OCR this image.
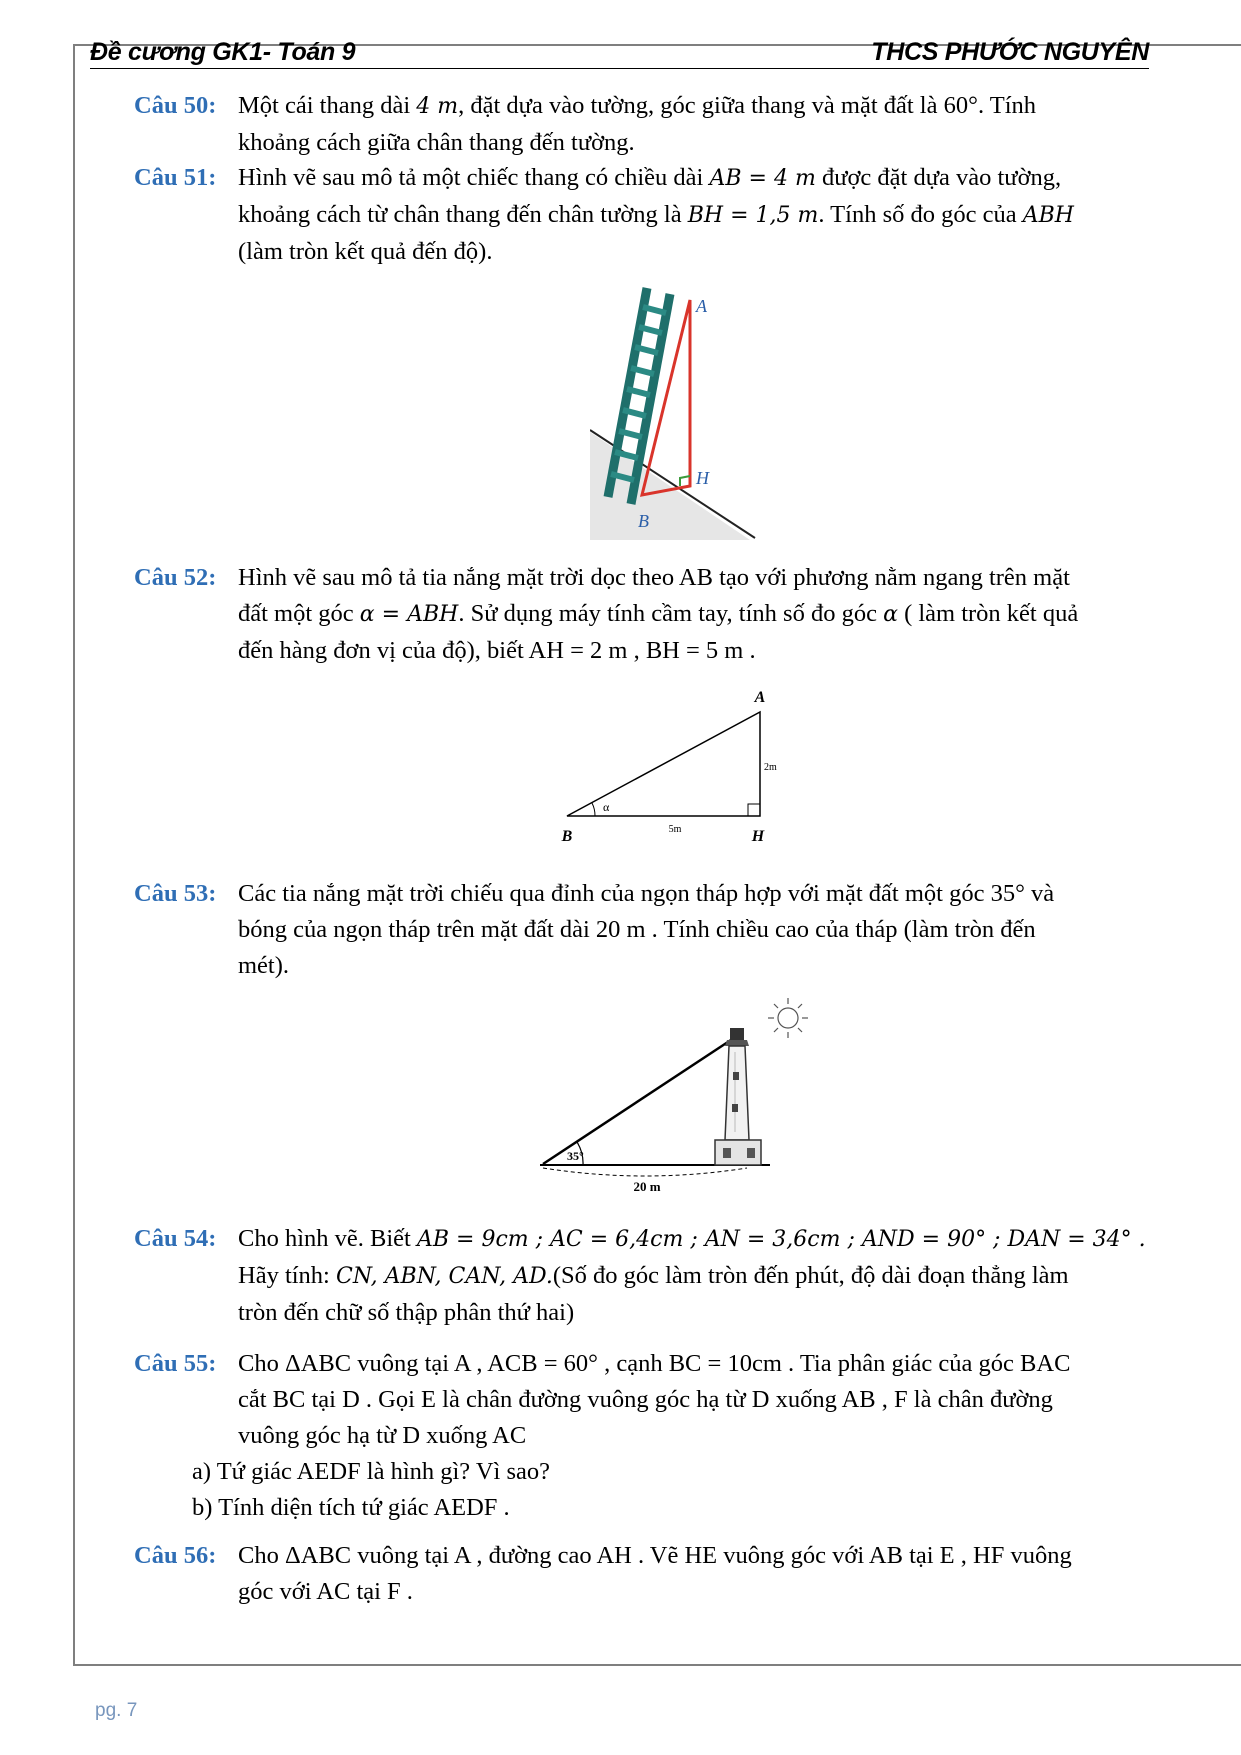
Đề cương GK1- Toán 9	THCS PHƯỚC NGUYÊN
Câu 50: Một cái thang dài 4 m, đặt dựa vào tường, góc giữa thang và mặt đất là 60°. Tính
khoảng cách giữa chân thang đến tường.
Câu 51: Hình vẽ sau mô tả một chiếc thang có chiều dài AB = 4 m được đặt dựa vào tường,
khoảng cách từ chân thang đến chân tường là BH = 1,5 m. Tính số đo góc của ABH
(làm tròn kết quả đến độ).
A
H
B
Câu 52: Hình vẽ sau mô tả tia nắng mặt trời dọc theo AB tạo với phương nằm ngang trên mặt
đất một góc α = ABH. Sử dụng máy tính cầm tay, tính số đo góc α ( làm tròn kết quả
đến hàng đơn vị của độ), biết AH = 2 m , BH = 5 m .
A
B	H
2m
5m
α
Câu 53: Các tia nắng mặt trời chiếu qua đỉnh của ngọn tháp hợp với mặt đất một góc 35° và
bóng của ngọn tháp trên mặt đất dài 20 m . Tính chiều cao của tháp (làm tròn đến
mét).
35°
20 m
Câu 54: Cho hình vẽ. Biết AB = 9cm ; AC = 6,4cm ; AN = 3,6cm ; AND = 90° ; DAN = 34° .
Hãy tính: CN, ABN, CAN, AD.(Số đo góc làm tròn đến phút, độ dài đoạn thẳng làm
tròn đến chữ số thập phân thứ hai)
Câu 55: Cho ΔABC vuông tại A , ACB = 60° , cạnh BC = 10cm . Tia phân giác của góc BAC
cắt BC tại D . Gọi E là chân đường vuông góc hạ từ D xuống AB , F là chân đường
vuông góc hạ từ D xuống AC
a) Tứ giác AEDF là hình gì? Vì sao?
b) Tính diện tích tứ giác AEDF .
Câu 56: Cho ΔABC vuông tại A , đường cao AH . Vẽ HE vuông góc với AB tại E , HF vuông
góc với AC tại F .
pg. 7
